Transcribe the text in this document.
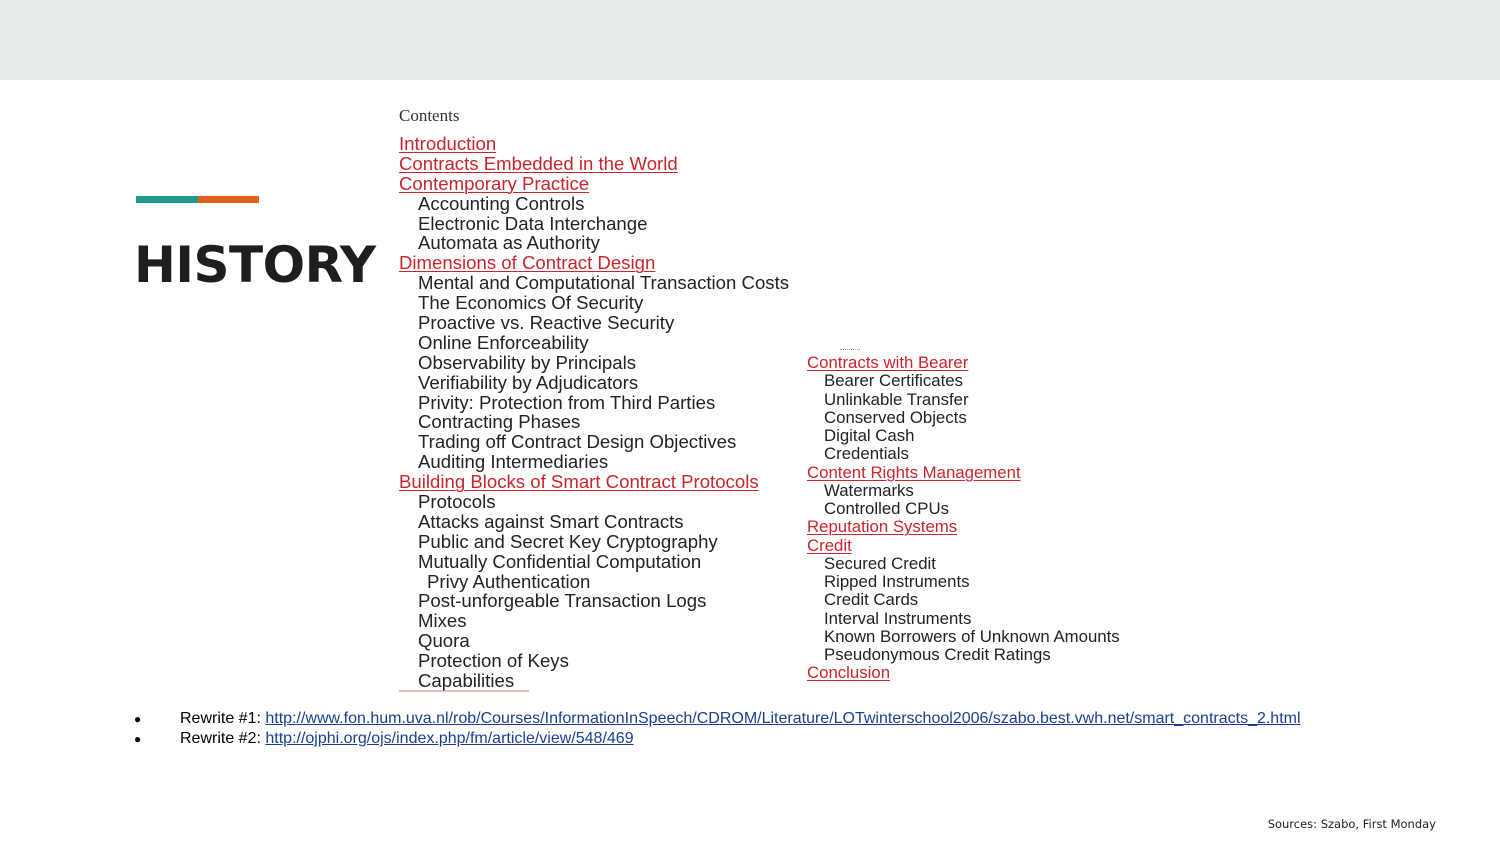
HISTORY

Contents

Introduction
Contracts Embedded in the World
Contemporary Practice
Accounting Controls
Electronic Data Interchange
Automata as Authority
Dimensions of Contract Design
Mental and Computational Transaction Costs
The Economics Of Security
Proactive vs. Reactive Security
Online Enforceability
Observability by Principals
Verifiability by Adjudicators
Privity: Protection from Third Parties
Contracting Phases
Trading off Contract Design Objectives
Auditing Intermediaries
Building Blocks of Smart Contract Protocols
Protocols
Attacks against Smart Contracts
Public and Secret Key Cryptography
Mutually Confidential Computation
Privy Authentication
Post-unforgeable Transaction Logs
Mixes
Quora
Protection of Keys
Capabilities
Contracts with Bearer
Bearer Certificates
Unlinkable Transfer
Conserved Objects
Digital Cash
Credentials
Content Rights Management
Watermarks
Controlled CPUs
Reputation Systems
Credit
Secured Credit
Ripped Instruments
Credit Cards
Interval Instruments
Known Borrowers of Unknown Amounts
Pseudonymous Credit Ratings
Conclusion
● Rewrite #1: http://www.fon.hum.uva.nl/rob/Courses/InformationInSpeech/CDROM/Literature/LOTwinterschool2006/szabo.best.vwh.net/smart_contracts_2.html
● Rewrite #2: http://ojphi.org/ojs/index.php/fm/article/view/548/469
Sources: Szabo, First Monday
